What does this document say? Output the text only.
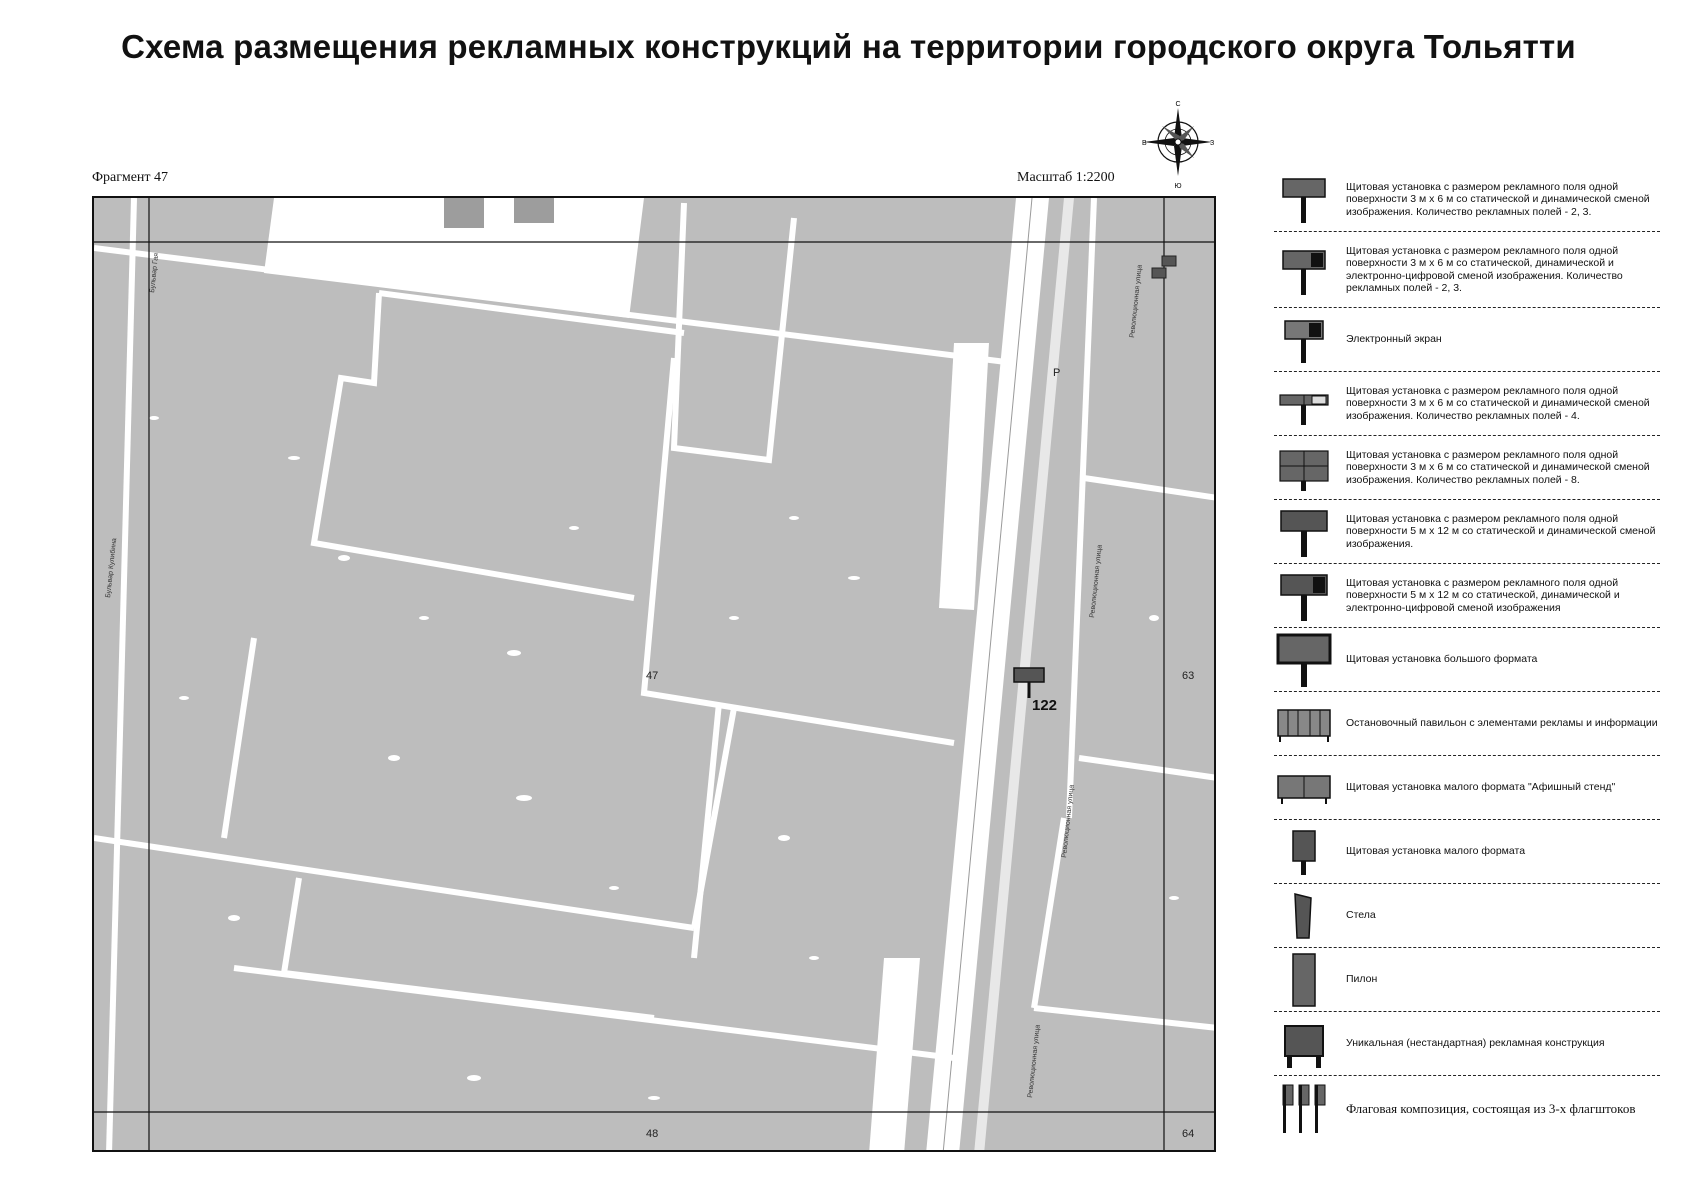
Схема размещения рекламных конструкций на территории городского округа Тольятти
Фрагмент 47	Масштаб 1:2200
С
Ю
В	З
47	63
48	64
P
Революционная улица
Революционная улица
Революционная улица
Революционная улица
Бульвар Гая
Бульвар Кулибина
122
Щитовая установка с размером рекламного поля одной поверхности 3 м х 6 м со статической и динамической сменой изображения. Количество рекламных полей - 2, 3.
Щитовая установка с размером рекламного поля одной поверхности 3 м х 6 м со статической, динамической и электронно-цифровой сменой изображения. Количество рекламных полей - 2, 3.
Электронный экран
Щитовая установка с размером рекламного поля одной поверхности 3 м х 6 м со статической и динамической сменой изображения. Количество рекламных полей - 4.
Щитовая установка с размером рекламного поля одной поверхности 3 м х 6 м со статической и динамической сменой изображения. Количество рекламных полей - 8.
Щитовая установка с размером рекламного поля одной поверхности 5 м х 12 м со статической и динамической сменой изображения.
Щитовая установка с размером рекламного поля одной поверхности 5 м х 12 м со статической, динамической и электронно-цифровой сменой изображения
Щитовая установка большого формата
Остановочный павильон с элементами рекламы и информации
Щитовая установка малого формата "Афишный стенд"
Щитовая установка малого формата
Стела
Пилон
Уникальная (нестандартная) рекламная конструкция
Флаговая композиция, состоящая из 3-х флагштоков
